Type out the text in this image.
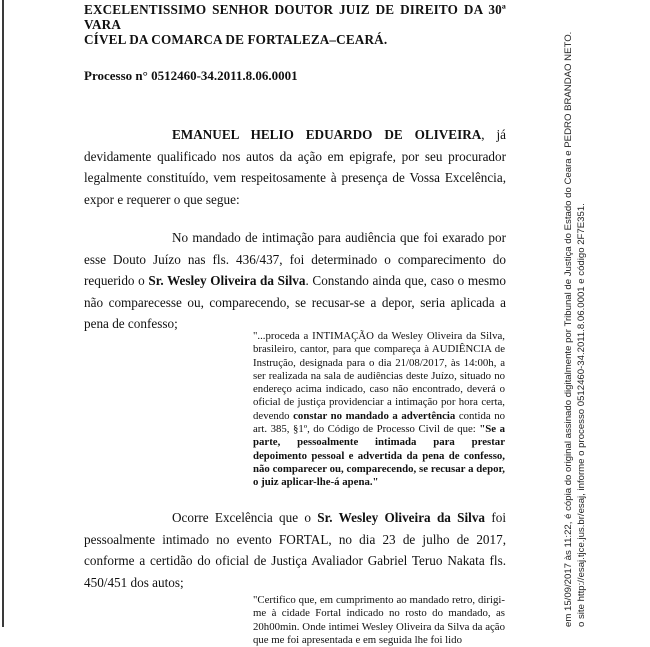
EXCELENTISSIMO SENHOR DOUTOR JUIZ DE DIREITO DA 30ª VARA
CÍVEL DA COMARCA DE FORTALEZA–CEARÁ.
Processo n° 0512460-34.2011.8.06.0001
EMANUEL HELIO EDUARDO DE OLIVEIRA, já devidamente qualificado nos autos da ação em epigrafe, por seu procurador legalmente constituído, vem respeitosamente à presença de Vossa Excelência, expor e requerer o que segue:
No mandado de intimação para audiência que foi exarado por esse Douto Juízo nas fls. 436/437, foi determinado o comparecimento do requerido o Sr. Wesley Oliveira da Silva. Constando ainda que, caso o mesmo não comparecesse ou, comparecendo, se recusar-se a depor, seria aplicada a pena de confesso;
"...proceda a INTIMAÇÃO da Wesley Oliveira da Silva, brasileiro, cantor, para que compareça à AUDIÊNCIA de Instrução, designada para o dia 21/08/2017, às 14:00h, a ser realizada na sala de audiências deste Juízo, situado no endereço acima indicado, caso não encontrado, deverá o oficial de justiça providenciar a intimação por hora certa, devendo constar no mandado a advertência contida no art. 385, §1º, do Código de Processo Civil de que: "Se a parte, pessoalmente intimada para prestar depoimento pessoal e advertida da pena de confesso, não comparecer ou, comparecendo, se recusar a depor, o juiz aplicar-lhe-á apena."
Ocorre Excelência que o Sr. Wesley Oliveira da Silva foi pessoalmente intimado no evento FORTAL, no dia 23 de julho de 2017, conforme a certidão do oficial de Justiça Avaliador Gabriel Teruo Nakata fls. 450/451 dos autos;
"Certifico que, em cumprimento ao mandado retro, dirigi-me à cidade Fortal indicado no rosto do mandado, as 20h00min. Onde intimei Wesley Oliveira da Silva da ação que me foi apresentada e em seguida lhe foi lido
em 15/09/2017 às 11:22, é cópia do original assinado digitalmente por Tribunal de Justiça do Estado do Ceara e PEDRO BRANDAO NETO. o site http://esaj.tjce.jus.br/esaj, informe o processo 0512460-34.2011.8.06.0001 e código 2F7E351.
